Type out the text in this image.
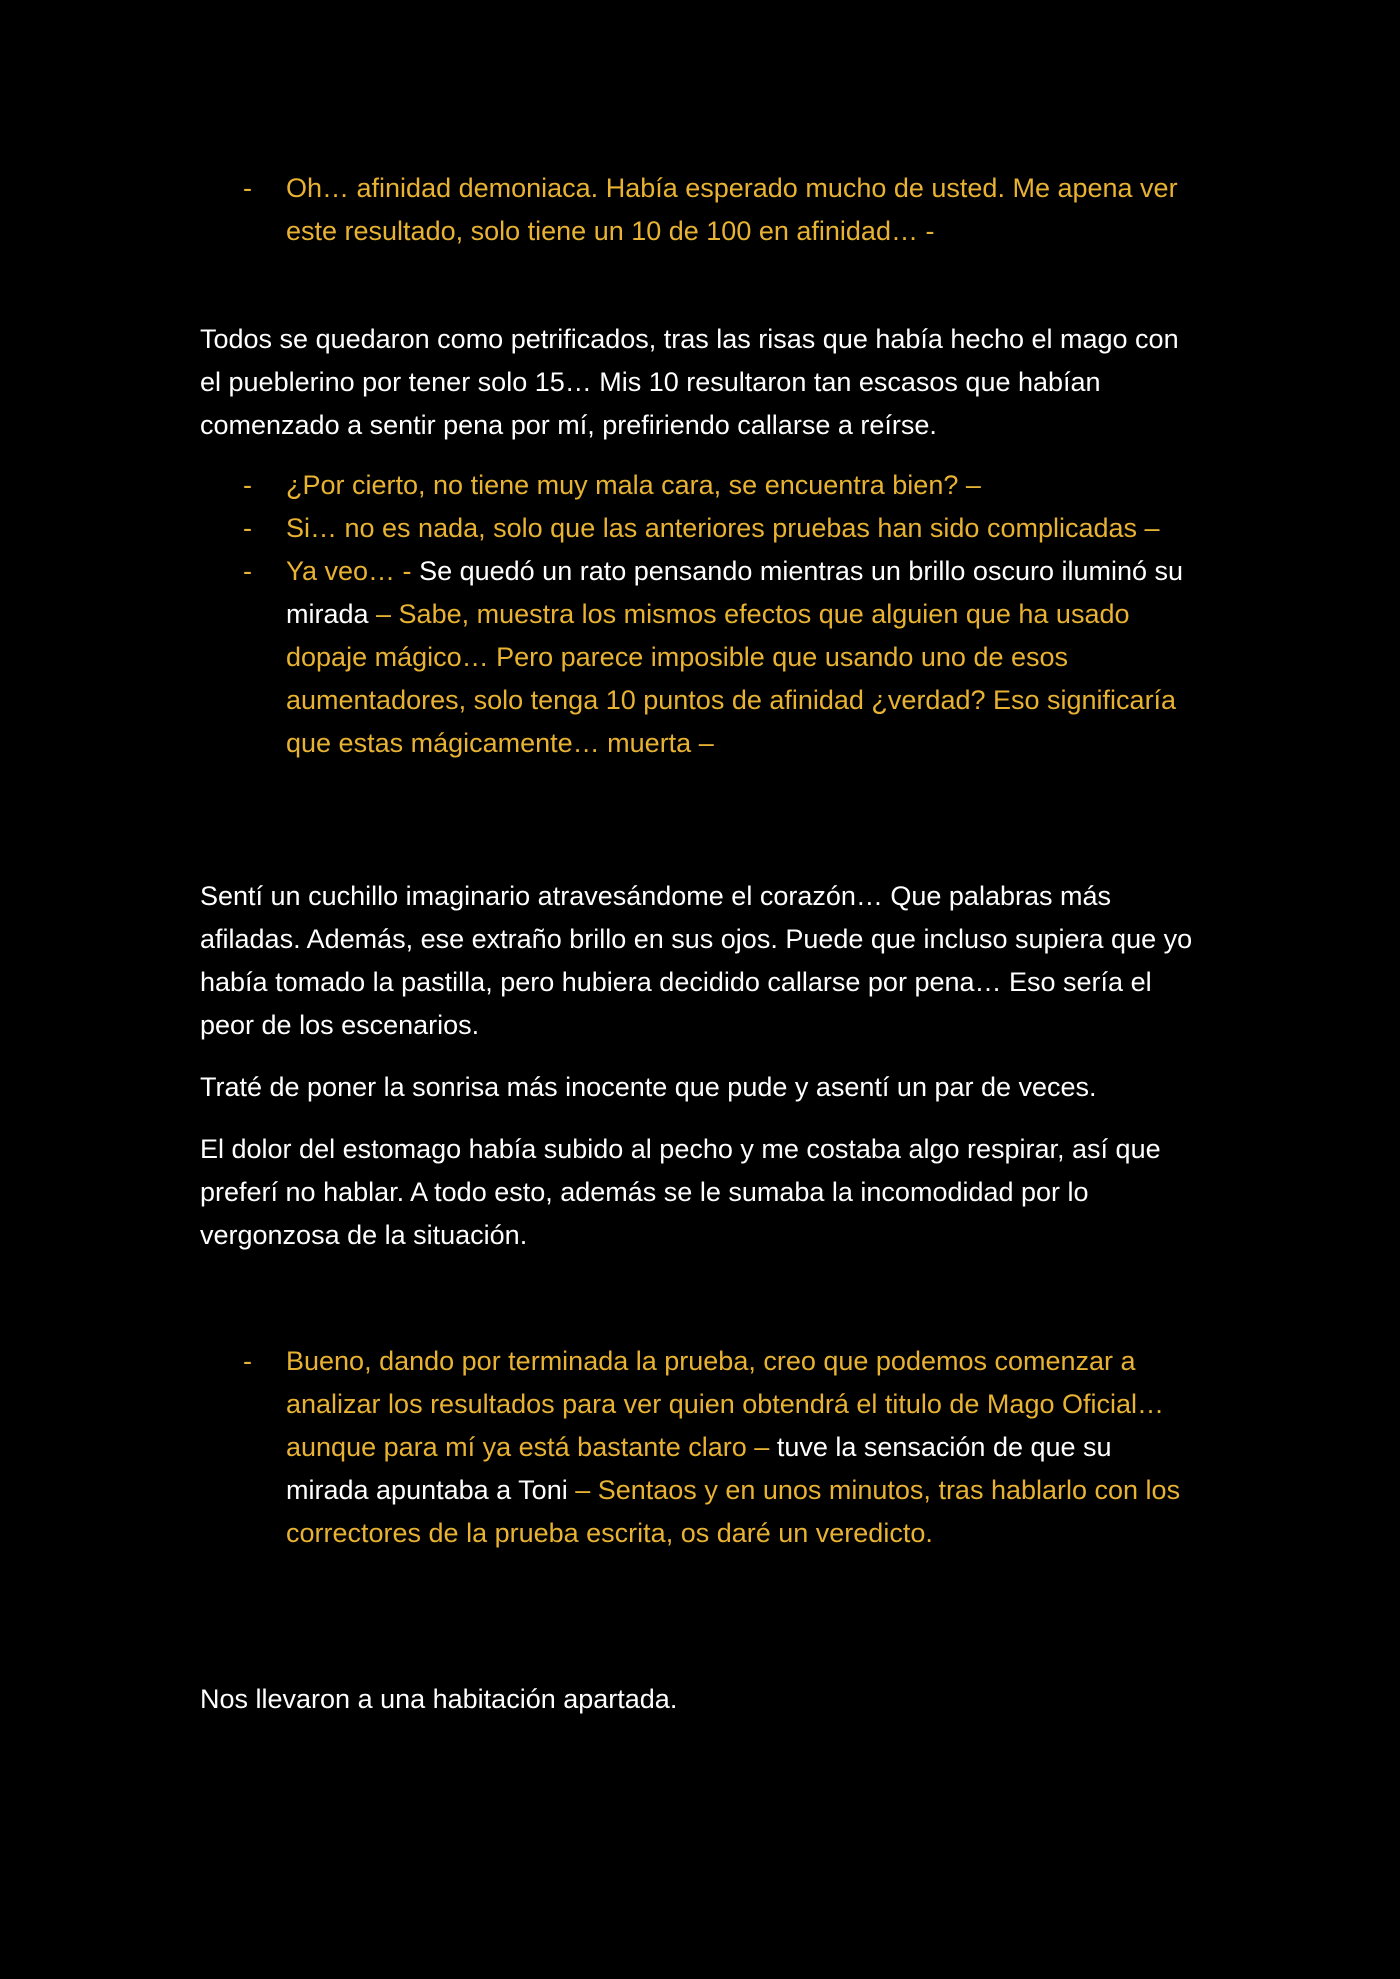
- Oh… afinidad demoniaca. Había esperado mucho de usted. Me apena ver este resultado, solo tiene un 10 de 100 en afinidad… -

Todos se quedaron como petrificados, tras las risas que había hecho el mago con el pueblerino por tener solo 15… Mis 10 resultaron tan escasos que habían comenzado a sentir pena por mí, prefiriendo callarse a reírse.

- ¿Por cierto, no tiene muy mala cara, se encuentra bien? –

- Si… no es nada, solo que las anteriores pruebas han sido complicadas –

- Ya veo… - Se quedó un rato pensando mientras un brillo oscuro iluminó su mirada – Sabe, muestra los mismos efectos que alguien que ha usado dopaje mágico… Pero parece imposible que usando uno de esos aumentadores, solo tenga 10 puntos de afinidad ¿verdad? Eso significaría que estas mágicamente… muerta –

Sentí un cuchillo imaginario atravesándome el corazón… Que palabras más afiladas. Además, ese extraño brillo en sus ojos. Puede que incluso supiera que yo había tomado la pastilla, pero hubiera decidido callarse por pena… Eso sería el peor de los escenarios.

Traté de poner la sonrisa más inocente que pude y asentí un par de veces.

El dolor del estomago había subido al pecho y me costaba algo respirar, así que preferí no hablar. A todo esto, además se le sumaba la incomodidad por lo vergonzosa de la situación.

- Bueno, dando por terminada la prueba, creo que podemos comenzar a analizar los resultados para ver quien obtendrá el titulo de Mago Oficial… aunque para mí ya está bastante claro – tuve la sensación de que su mirada apuntaba a Toni – Sentaos y en unos minutos, tras hablarlo con los correctores de la prueba escrita, os daré un veredicto.

Nos llevaron a una habitación apartada.
